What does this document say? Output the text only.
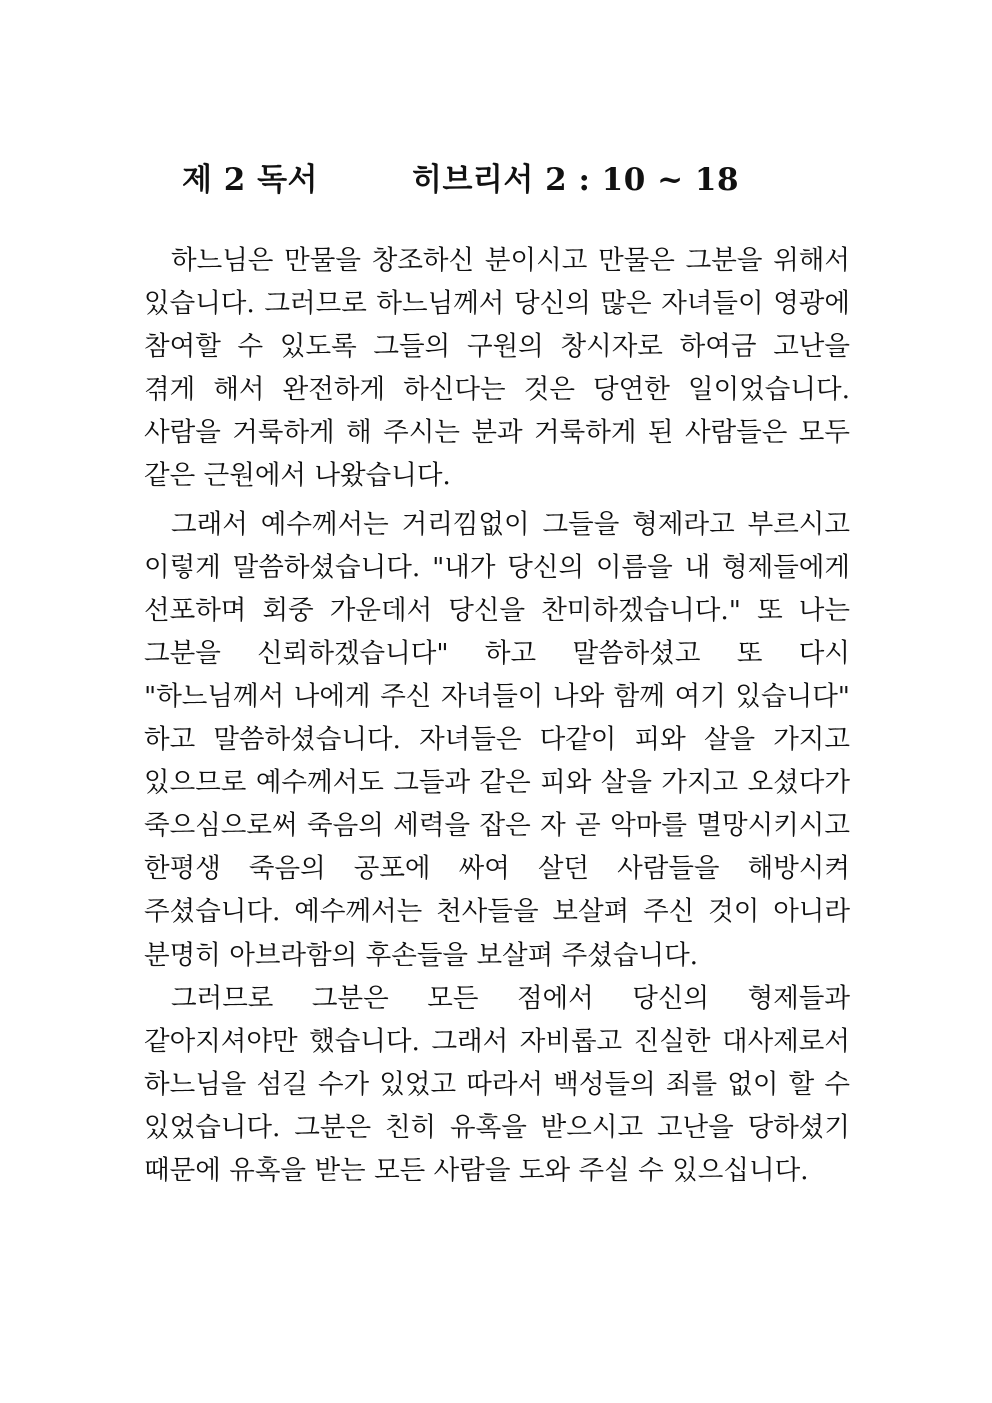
제 2 독서	히브리서 2 : 10 ~ 18

하느님은 만물을 창조하신 분이시고 만물은 그분을 위해서 있습니다. 그러므로 하느님께서 당신의 많은 자녀들이 영광에 참여할 수 있도록 그들의 구원의 창시자로 하여금 고난을 겪게 해서 완전하게 하신다는 것은 당연한 일이었습니다. 사람을 거룩하게 해 주시는 분과 거룩하게 된 사람들은 모두 같은 근원에서 나왔습니다.

그래서 예수께서는 거리낌없이 그들을 형제라고 부르시고 이렇게 말씀하셨습니다. "내가 당신의 이름을 내 형제들에게 선포하며 회중 가운데서 당신을 찬미하겠습니다." 또 나는 그분을 신뢰하겠습니다" 하고 말씀하셨고 또 다시 "하느님께서 나에게 주신 자녀들이 나와 함께 여기 있습니다" 하고 말씀하셨습니다. 자녀들은 다같이 피와 살을 가지고 있으므로 예수께서도 그들과 같은 피와 살을 가지고 오셨다가 죽으심으로써 죽음의 세력을 잡은 자 곧 악마를 멸망시키시고 한평생 죽음의 공포에 싸여 살던 사람들을 해방시켜 주셨습니다. 예수께서는 천사들을 보살펴 주신 것이 아니라 분명히 아브라함의 후손들을 보살펴 주셨습니다.

그러므로 그분은 모든 점에서 당신의 형제들과 같아지셔야만 했습니다. 그래서 자비롭고 진실한 대사제로서 하느님을 섬길 수가 있었고 따라서 백성들의 죄를 없이 할 수 있었습니다. 그분은 친히 유혹을 받으시고 고난을 당하셨기 때문에 유혹을 받는 모든 사람을 도와 주실 수 있으십니다.
